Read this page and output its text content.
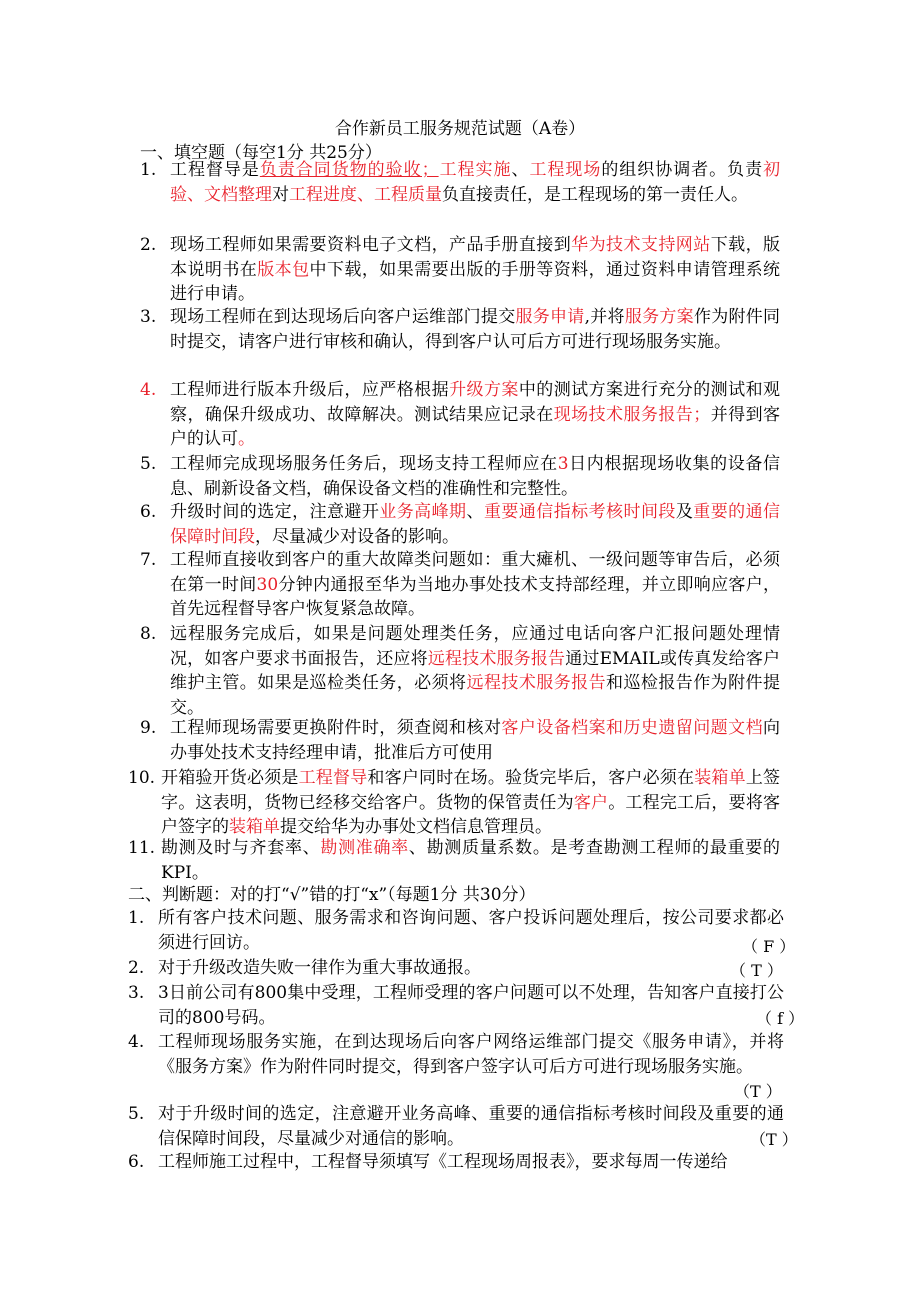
合作新员工服务规范试题（A卷）
一、填空题（每空1分 共25分）
1. 工程督导是负责合同货物的验收；工程实施、工程现场的组织协调者。负责初验、文档整理对工程进度、工程质量负直接责任，是工程现场的第一责任人。
2. 现场工程师如果需要资料电子文档，产品手册直接到华为技术支持网站下载，版本说明书在版本包中下载，如果需要出版的手册等资料，通过资料申请管理系统进行申请。
3. 现场工程师在到达现场后向客户运维部门提交服务申请,并将服务方案作为附件同时提交，请客户进行审核和确认，得到客户认可后方可进行现场服务实施。
4. 工程师进行版本升级后，应严格根据升级方案中的测试方案进行充分的测试和观察，确保升级成功、故障解决。测试结果应记录在现场技术服务报告；并得到客户的认可。
5. 工程师完成现场服务任务后，现场支持工程师应在3日内根据现场收集的设备信息、刷新设备文档，确保设备文档的准确性和完整性。
6. 升级时间的选定，注意避开业务高峰期、重要通信指标考核时间段及重要的通信保障时间段，尽量减少对设备的影响。
7. 工程师直接收到客户的重大故障类问题如：重大瘫机、一级问题等审告后，必须在第一时间30分钟内通报至华为当地办事处技术支持部经理，并立即响应客户，首先远程督导客户恢复紧急故障。
8. 远程服务完成后，如果是问题处理类任务，应通过电话向客户汇报问题处理情况，如客户要求书面报告，还应将远程技术服务报告通过EMAIL或传真发给客户维护主管。如果是巡检类任务，必须将远程技术服务报告和巡检报告作为附件提交。
9. 工程师现场需要更换附件时，须查阅和核对客户设备档案和历史遗留问题文档向办事处技术支持经理申请，批准后方可使用
10. 开箱验开货必须是工程督导和客户同时在场。验货完毕后，客户必须在装箱单上签字。这表明，货物已经移交给客户。货物的保管责任为客户。工程完工后，要将客户签字的装箱单提交给华为办事处文档信息管理员。
11. 勘测及时与齐套率、勘测准确率、勘测质量系数。是考查勘测工程师的最重要的KPI。
二、判断题：对的打“√”错的打“x”（每题1分 共30分）
1. 所有客户技术问题、服务需求和咨询问题、客户投诉问题处理后，按公司要求都必须进行回访。	（ F ）
2. 对于升级改造失败一律作为重大事故通报。	（ T ）
3. 3日前公司有800集中受理，工程师受理的客户问题可以不处理，告知客户直接打公司的800号码。	（ f ）
4. 工程师现场服务实施，在到达现场后向客户网络运维部门提交《服务申请》，并将《服务方案》作为附件同时提交，得到客户签字认可后方可进行现场服务实施。
（T ）
5. 对于升级时间的选定，注意避开业务高峰、重要的通信指标考核时间段及重要的通信保障时间段，尽量减少对通信的影响。	（T ）
6. 工程师施工过程中，工程督导须填写《工程现场周报表》，要求每周一传递给
